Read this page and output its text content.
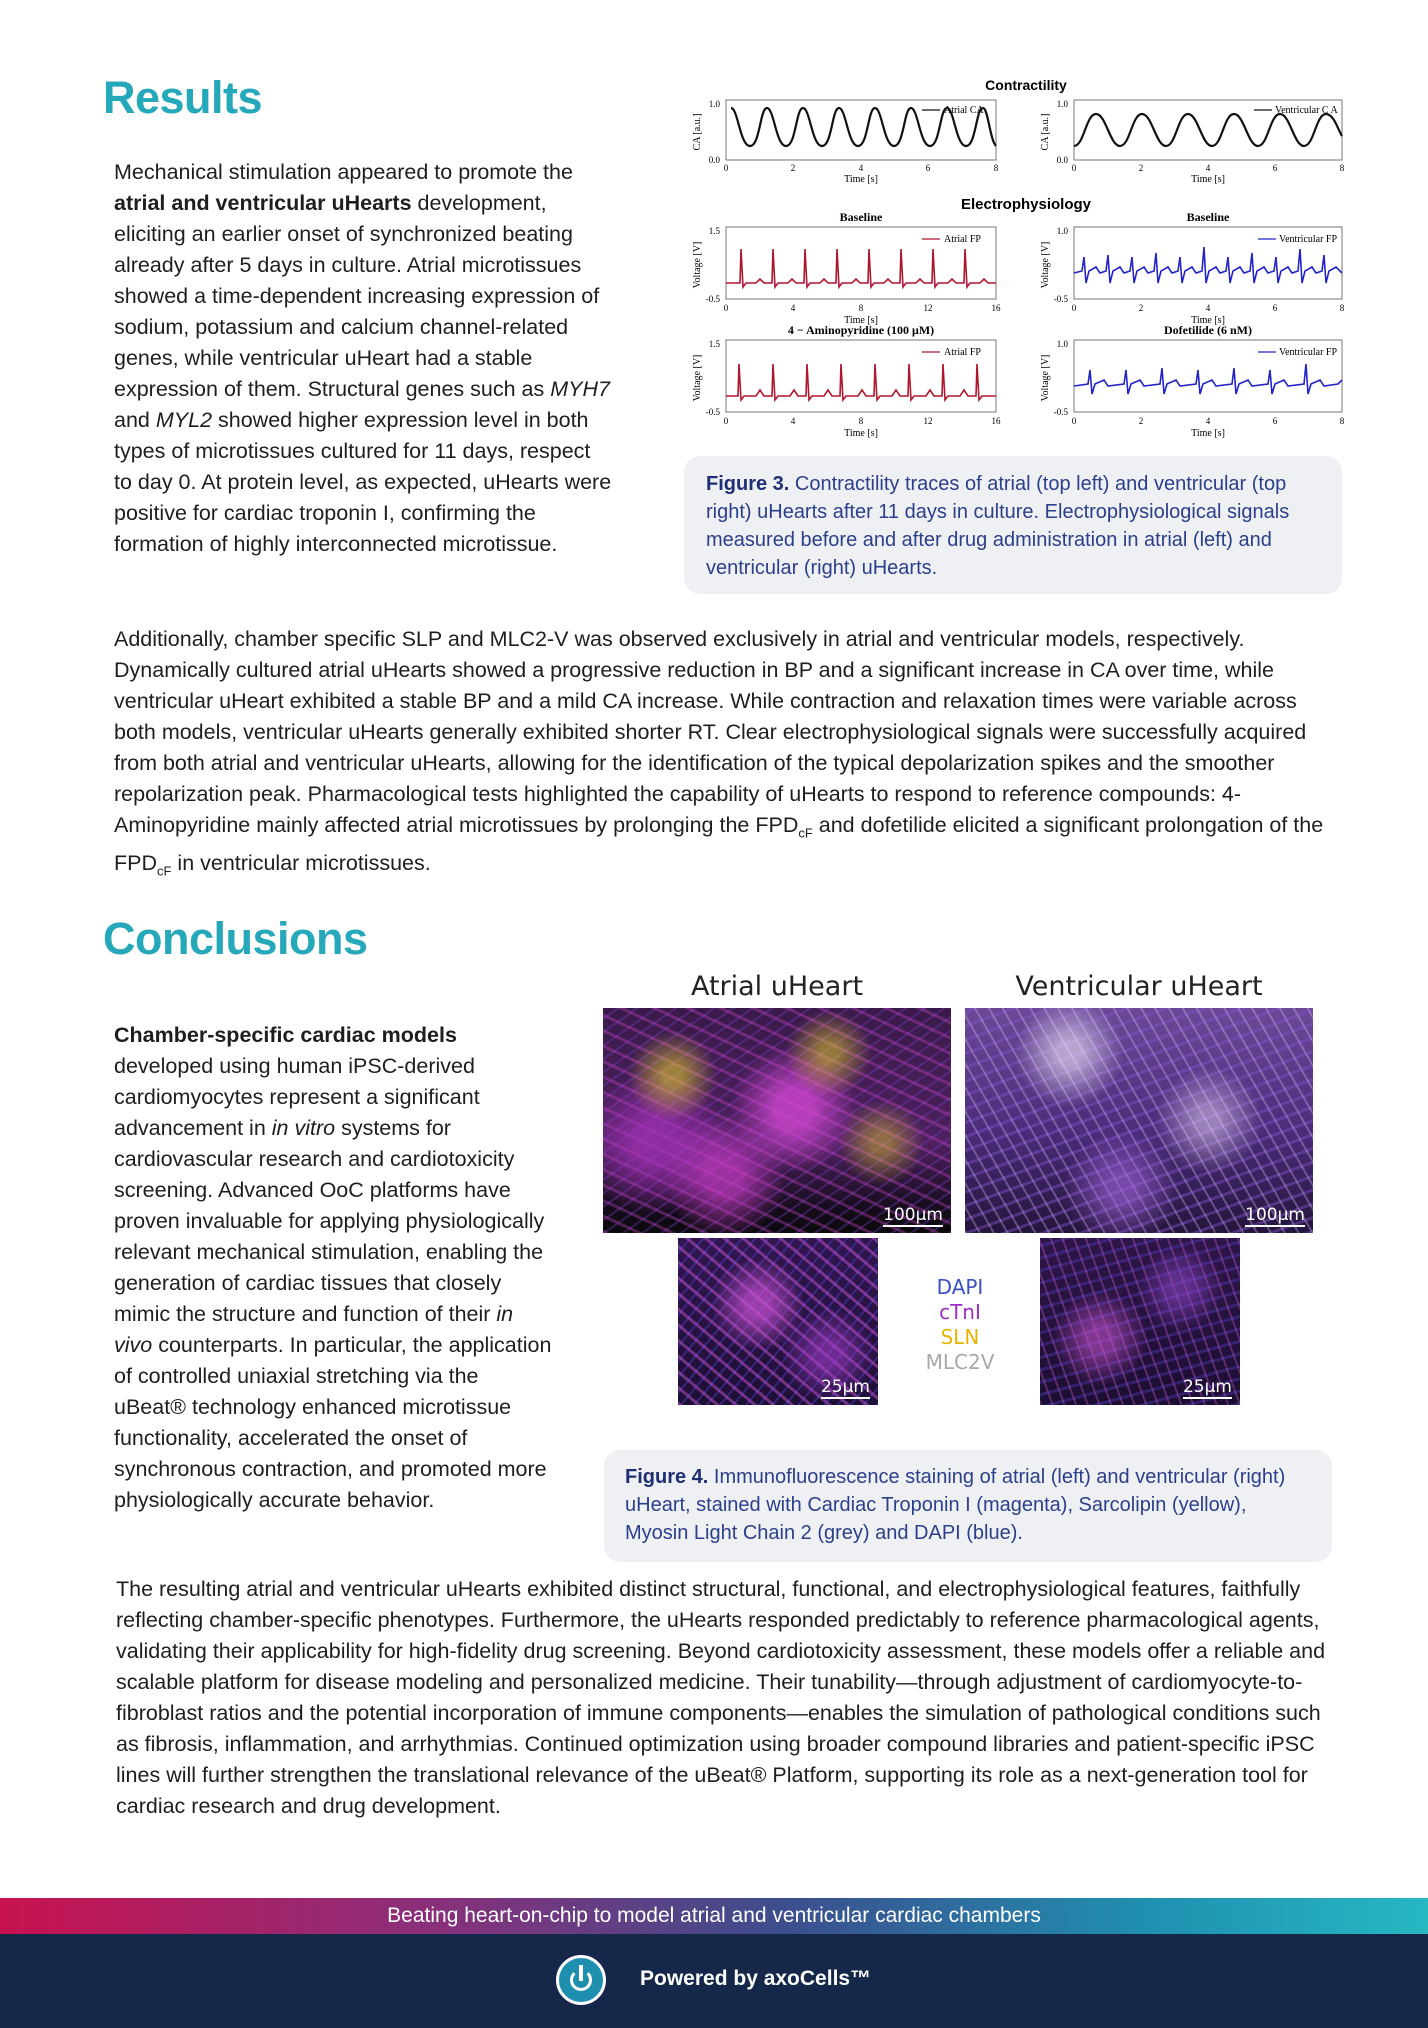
Results
Mechanical stimulation appeared to promote the atrial and ventricular uHearts development, eliciting an earlier onset of synchronized beating already after 5 days in culture. Atrial microtissues showed a time-dependent increasing expression of sodium, potassium and calcium channel-related genes, while ventricular uHeart had a stable expression of them. Structural genes such as MYH7 and MYL2 showed higher expression level in both types of microtissues cultured for 11 days, respect to day 0. At protein level, as expected, uHearts were positive for cardiac troponin I, confirming the formation of highly interconnected microtissue.
Contractility
Electrophysiology
Atrial CA
1.0
0.0
0	2	4	6	8
Time [s]
CA [a.u.]
Ventricular C A
1.0
0.0
0	2	4	6	8
Time [s]
CA [a.u.]
Baseline
Atrial FP
1.5
-0.5
0	4	8	12	16
Time [s]
Voltage [V]
Baseline
Ventricular FP
1.0
-0.5
0	2	4	6	8
Time [s]
Voltage [V]
4 − Aminopyridine (100 μM)
Atrial FP
1.5
-0.5
0	4	8	12	16
Time [s]
Voltage [V]
Dofetilide (6 nM)
Ventricular FP
1.0
-0.5
0	2	4	6	8
Time [s]
Voltage [V]
Figure 3. Contractility traces of atrial (top left) and ventricular (top right) uHearts after 11 days in culture. Electrophysiological signals measured before and after drug administration in atrial (left) and ventricular (right) uHearts.
Additionally, chamber specific SLP and MLC2-V was observed exclusively in atrial and ventricular models, respectively. Dynamically cultured atrial uHearts showed a progressive reduction in BP and a significant increase in CA over time, while ventricular uHeart exhibited a stable BP and a mild CA increase. While contraction and relaxation times were variable across both models, ventricular uHearts generally exhibited shorter RT. Clear electrophysiological signals were successfully acquired from both atrial and ventricular uHearts, allowing for the identification of the typical depolarization spikes and the smoother repolarization peak. Pharmacological tests highlighted the capability of uHearts to respond to reference compounds: 4-Aminopyridine mainly affected atrial microtissues by prolonging the $FPD_{cF}$ and dofetilide elicited a significant prolongation of the $FPD_{cF}$ in ventricular microtissues.
Conclusions
Chamber-specific cardiac models developed using human iPSC-derived cardiomyocytes represent a significant advancement in in vitro systems for cardiovascular research and cardiotoxicity screening. Advanced OoC platforms have proven invaluable for applying physiologically relevant mechanical stimulation, enabling the generation of cardiac tissues that closely mimic the structure and function of their in vivo counterparts. In particular, the application of controlled uniaxial stretching via the uBeat® technology enhanced microtissue functionality, accelerated the onset of synchronous contraction, and promoted more physiologically accurate behavior.
Atrial uHeart	Ventricular uHeart
100μm	100μm
25μm	25μm
DAPI
cTnI
SLN
MLC2V
Figure 4. Immunofluorescence staining of atrial (left) and ventricular (right) uHeart, stained with Cardiac Troponin I (magenta), Sarcolipin (yellow), Myosin Light Chain 2 (grey) and DAPI (blue).
The resulting atrial and ventricular uHearts exhibited distinct structural, functional, and electrophysiological features, faithfully reflecting chamber-specific phenotypes. Furthermore, the uHearts responded predictably to reference pharmacological agents, validating their applicability for high-fidelity drug screening. Beyond cardiotoxicity assessment, these models offer a reliable and scalable platform for disease modeling and personalized medicine. Their tunability—through adjustment of cardiomyocyte-to-fibroblast ratios and the potential incorporation of immune components—enables the simulation of pathological conditions such as fibrosis, inflammation, and arrhythmias. Continued optimization using broader compound libraries and patient-specific iPSC lines will further strengthen the translational relevance of the uBeat® Platform, supporting its role as a next-generation tool for cardiac research and drug development.
Beating heart-on-chip to model atrial and ventricular cardiac chambers
Powered by axoCells™
